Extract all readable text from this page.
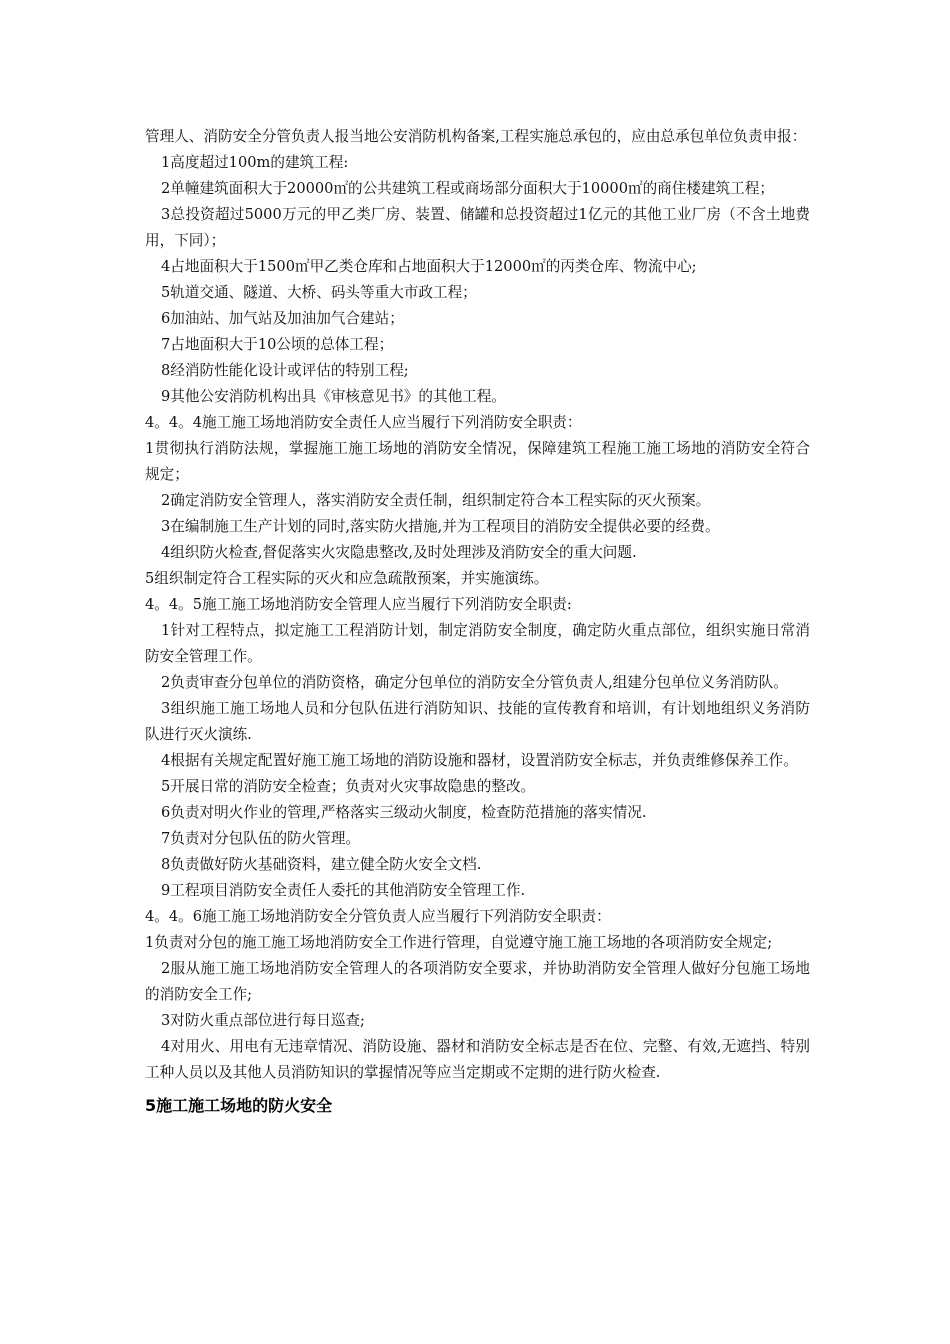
管理人、消防安全分管负责人报当地公安消防机构备案,工程实施总承包的，应由总承包单位负责申报：

1高度超过100m的建筑工程:

2单幢建筑面积大于20000㎡的公共建筑工程或商场部分面积大于10000㎡的商住楼建筑工程；

3总投资超过5000万元的甲乙类厂房、装置、储罐和总投资超过1亿元的其他工业厂房（不含土地费用，下同）；

4占地面积大于1500㎡甲乙类仓库和占地面积大于12000㎡的丙类仓库、物流中心;

5轨道交通、隧道、大桥、码头等重大市政工程；

6加油站、加气站及加油加气合建站；

7占地面积大于10公顷的总体工程；

8经消防性能化设计或评估的特别工程;

9其他公安消防机构出具《审核意见书》的其他工程。

4。4。4施工施工场地消防安全责任人应当履行下列消防安全职责：

1贯彻执行消防法规，掌握施工施工场地的消防安全情况，保障建筑工程施工施工场地的消防安全符合规定；

2确定消防安全管理人，落实消防安全责任制，组织制定符合本工程实际的灭火预案。

3在编制施工生产计划的同时,落实防火措施,并为工程项目的消防安全提供必要的经费。

4组织防火检查,督促落实火灾隐患整改,及时处理涉及消防安全的重大问题.

5组织制定符合工程实际的灭火和应急疏散预案，并实施演练。

4。4。5施工施工场地消防安全管理人应当履行下列消防安全职责:

1针对工程特点，拟定施工工程消防计划，制定消防安全制度，确定防火重点部位，组织实施日常消防安全管理工作。

2负责审查分包单位的消防资格，确定分包单位的消防安全分管负责人,组建分包单位义务消防队。

3组织施工施工场地人员和分包队伍进行消防知识、技能的宣传教育和培训，有计划地组织义务消防队进行灭火演练.

4根据有关规定配置好施工施工场地的消防设施和器材，设置消防安全标志，并负责维修保养工作。

5开展日常的消防安全检查；负责对火灾事故隐患的整改。

6负责对明火作业的管理,严格落实三级动火制度，检查防范措施的落实情况.

7负责对分包队伍的防火管理。

8负责做好防火基础资料，建立健全防火安全文档.

9工程项目消防安全责任人委托的其他消防安全管理工作.

4。4。6施工施工场地消防安全分管负责人应当履行下列消防安全职责：

1负责对分包的施工施工场地消防安全工作进行管理，自觉遵守施工施工场地的各项消防安全规定;

2服从施工施工场地消防安全管理人的各项消防安全要求，并协助消防安全管理人做好分包施工场地的消防安全工作;

3对防火重点部位进行每日巡查;

4对用火、用电有无违章情况、消防设施、器材和消防安全标志是否在位、完整、有效,无遮挡、特别工种人员以及其他人员消防知识的掌握情况等应当定期或不定期的进行防火检查.

5施工施工场地的防火安全
